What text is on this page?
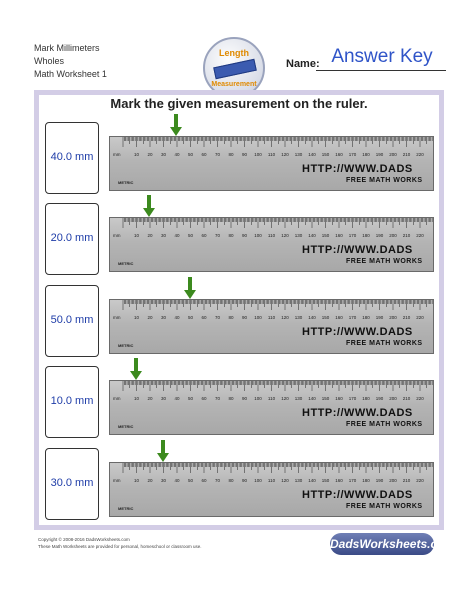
Mark Millimeters
Wholes
Math Worksheet 1
Length
Measurement
Name: Answer Key
Mark the given measurement on the ruler.
40.0 mm	mm	10 20 30 40 50 60 70 80 90 100 110 120 130 140 150 160 170 180 190 200 210 220
HTTP://WWW.DADS
FREE MATH WORKS
METRIC
20.0 mm	mm	10 20 30 40 50 60 70 80 90 100 110 120 130 140 150 160 170 180 190 200 210 220
HTTP://WWW.DADS
FREE MATH WORKS
METRIC
50.0 mm	mm	10 20 30 40 50 60 70 80 90 100 110 120 130 140 150 160 170 180 190 200 210 220
HTTP://WWW.DADS
FREE MATH WORKS
METRIC
10.0 mm	mm	10 20 30 40 50 60 70 80 90 100 110 120 130 140 150 160 170 180 190 200 210 220
HTTP://WWW.DADS
FREE MATH WORKS
METRIC
30.0 mm	mm	10 20 30 40 50 60 70 80 90 100 110 120 130 140 150 160 170 180 190 200 210 220
HTTP://WWW.DADS
FREE MATH WORKS
METRIC
Copyright © 2008-2016 DadsWorksheets.com
These Math Worksheets are provided for personal, homeschool or classroom use.	DadsWorksheets.com
